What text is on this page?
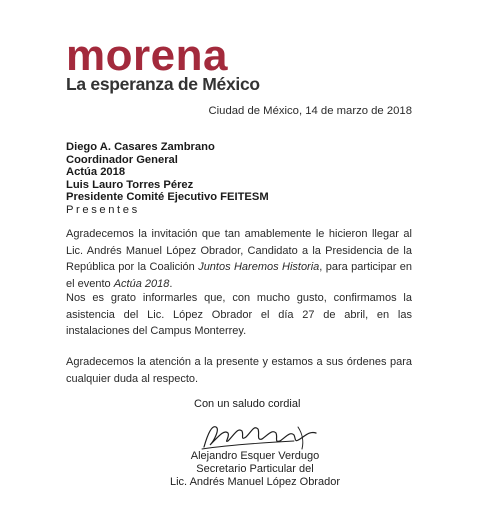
morena
La esperanza de México
Ciudad de México, 14 de marzo de 2018
Diego A. Casares Zambrano
Coordinador General
Actúa 2018
Luis Lauro Torres Pérez
Presidente Comité Ejecutivo FEITESM
Presentes
Agradecemos la invitación que tan amablemente le hicieron llegar al Lic. Andrés Manuel López Obrador, Candidato a la Presidencia de la República por la Coalición Juntos Haremos Historia, para participar en el evento Actúa 2018.
Nos es grato informarles que, con mucho gusto, confirmamos la asistencia del Lic. López Obrador el día 27 de abril, en las instalaciones del Campus Monterrey.
Agradecemos la atención a la presente y estamos a sus órdenes para cualquier duda al respecto.
Con un saludo cordial
Alejandro Esquer Verdugo
Secretario Particular del
Lic. Andrés Manuel López Obrador
